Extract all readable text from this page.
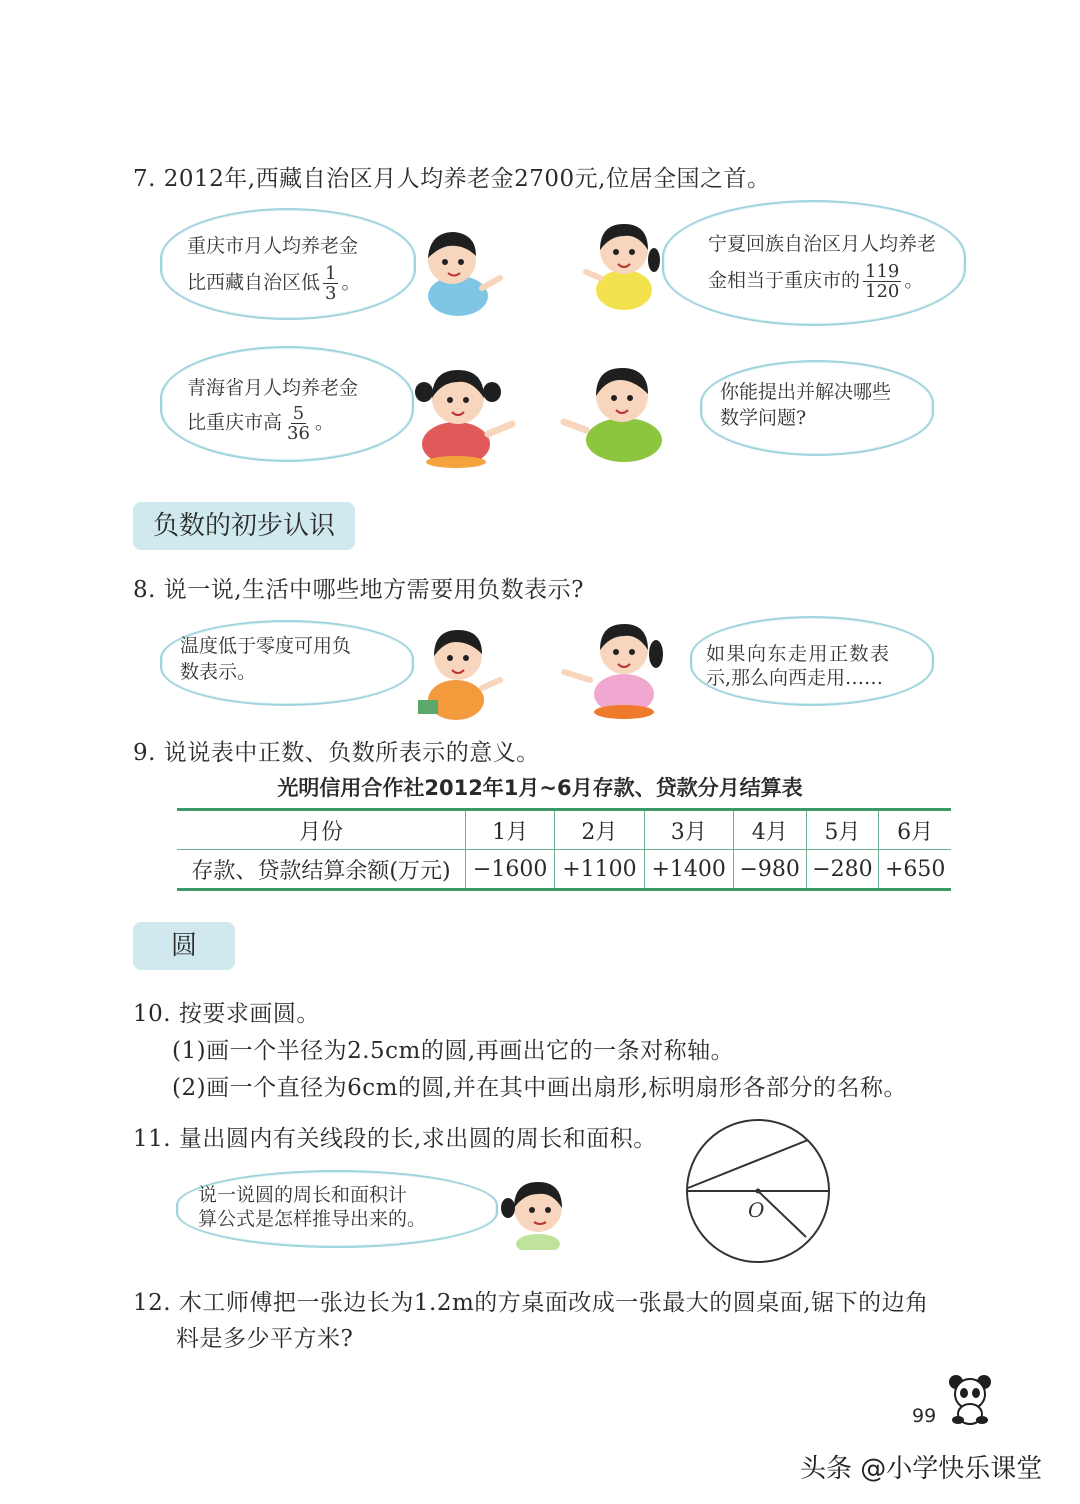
7. 2012年,西藏自治区月人均养老金2700元,位居全国之首。
重庆市月人均养老金
比西藏自治区低 $\frac{1}{3}$ 。
宁夏回族自治区月人均养老
金相当于重庆市的 $\frac{119}{120}$ 。
青海省月人均养老金
比重庆市高 $\frac{5}{36}$ 。
你能提出并解决哪些
数学问题?
负数的初步认识
8. 说一说,生活中哪些地方需要用负数表示?
温度低于零度可用负
数表示。
如果向东走用正数表
示,那么向西走用……
9. 说说表中正数、负数所表示的意义。
光明信用合作社2012年1月~6月存款、贷款分月结算表
月份	1月	2月	3月	4月	5月	6月
存款、贷款结算余额(万元)	−1600	+1100	+1400	−980	−280	+650
圆
10. 按要求画圆。
(1)画一个半径为2.5cm的圆,再画出它的一条对称轴。
(2)画一个直径为6cm的圆,并在其中画出扇形,标明扇形各部分的名称。
11. 量出圆内有关线段的长,求出圆的周长和面积。
说一说圆的周长和面积计
算公式是怎样推导出来的。	O
12. 木工师傅把一张边长为1.2m的方桌面改成一张最大的圆桌面,锯下的边角
料是多少平方米?
99
头条 @小学快乐课堂
